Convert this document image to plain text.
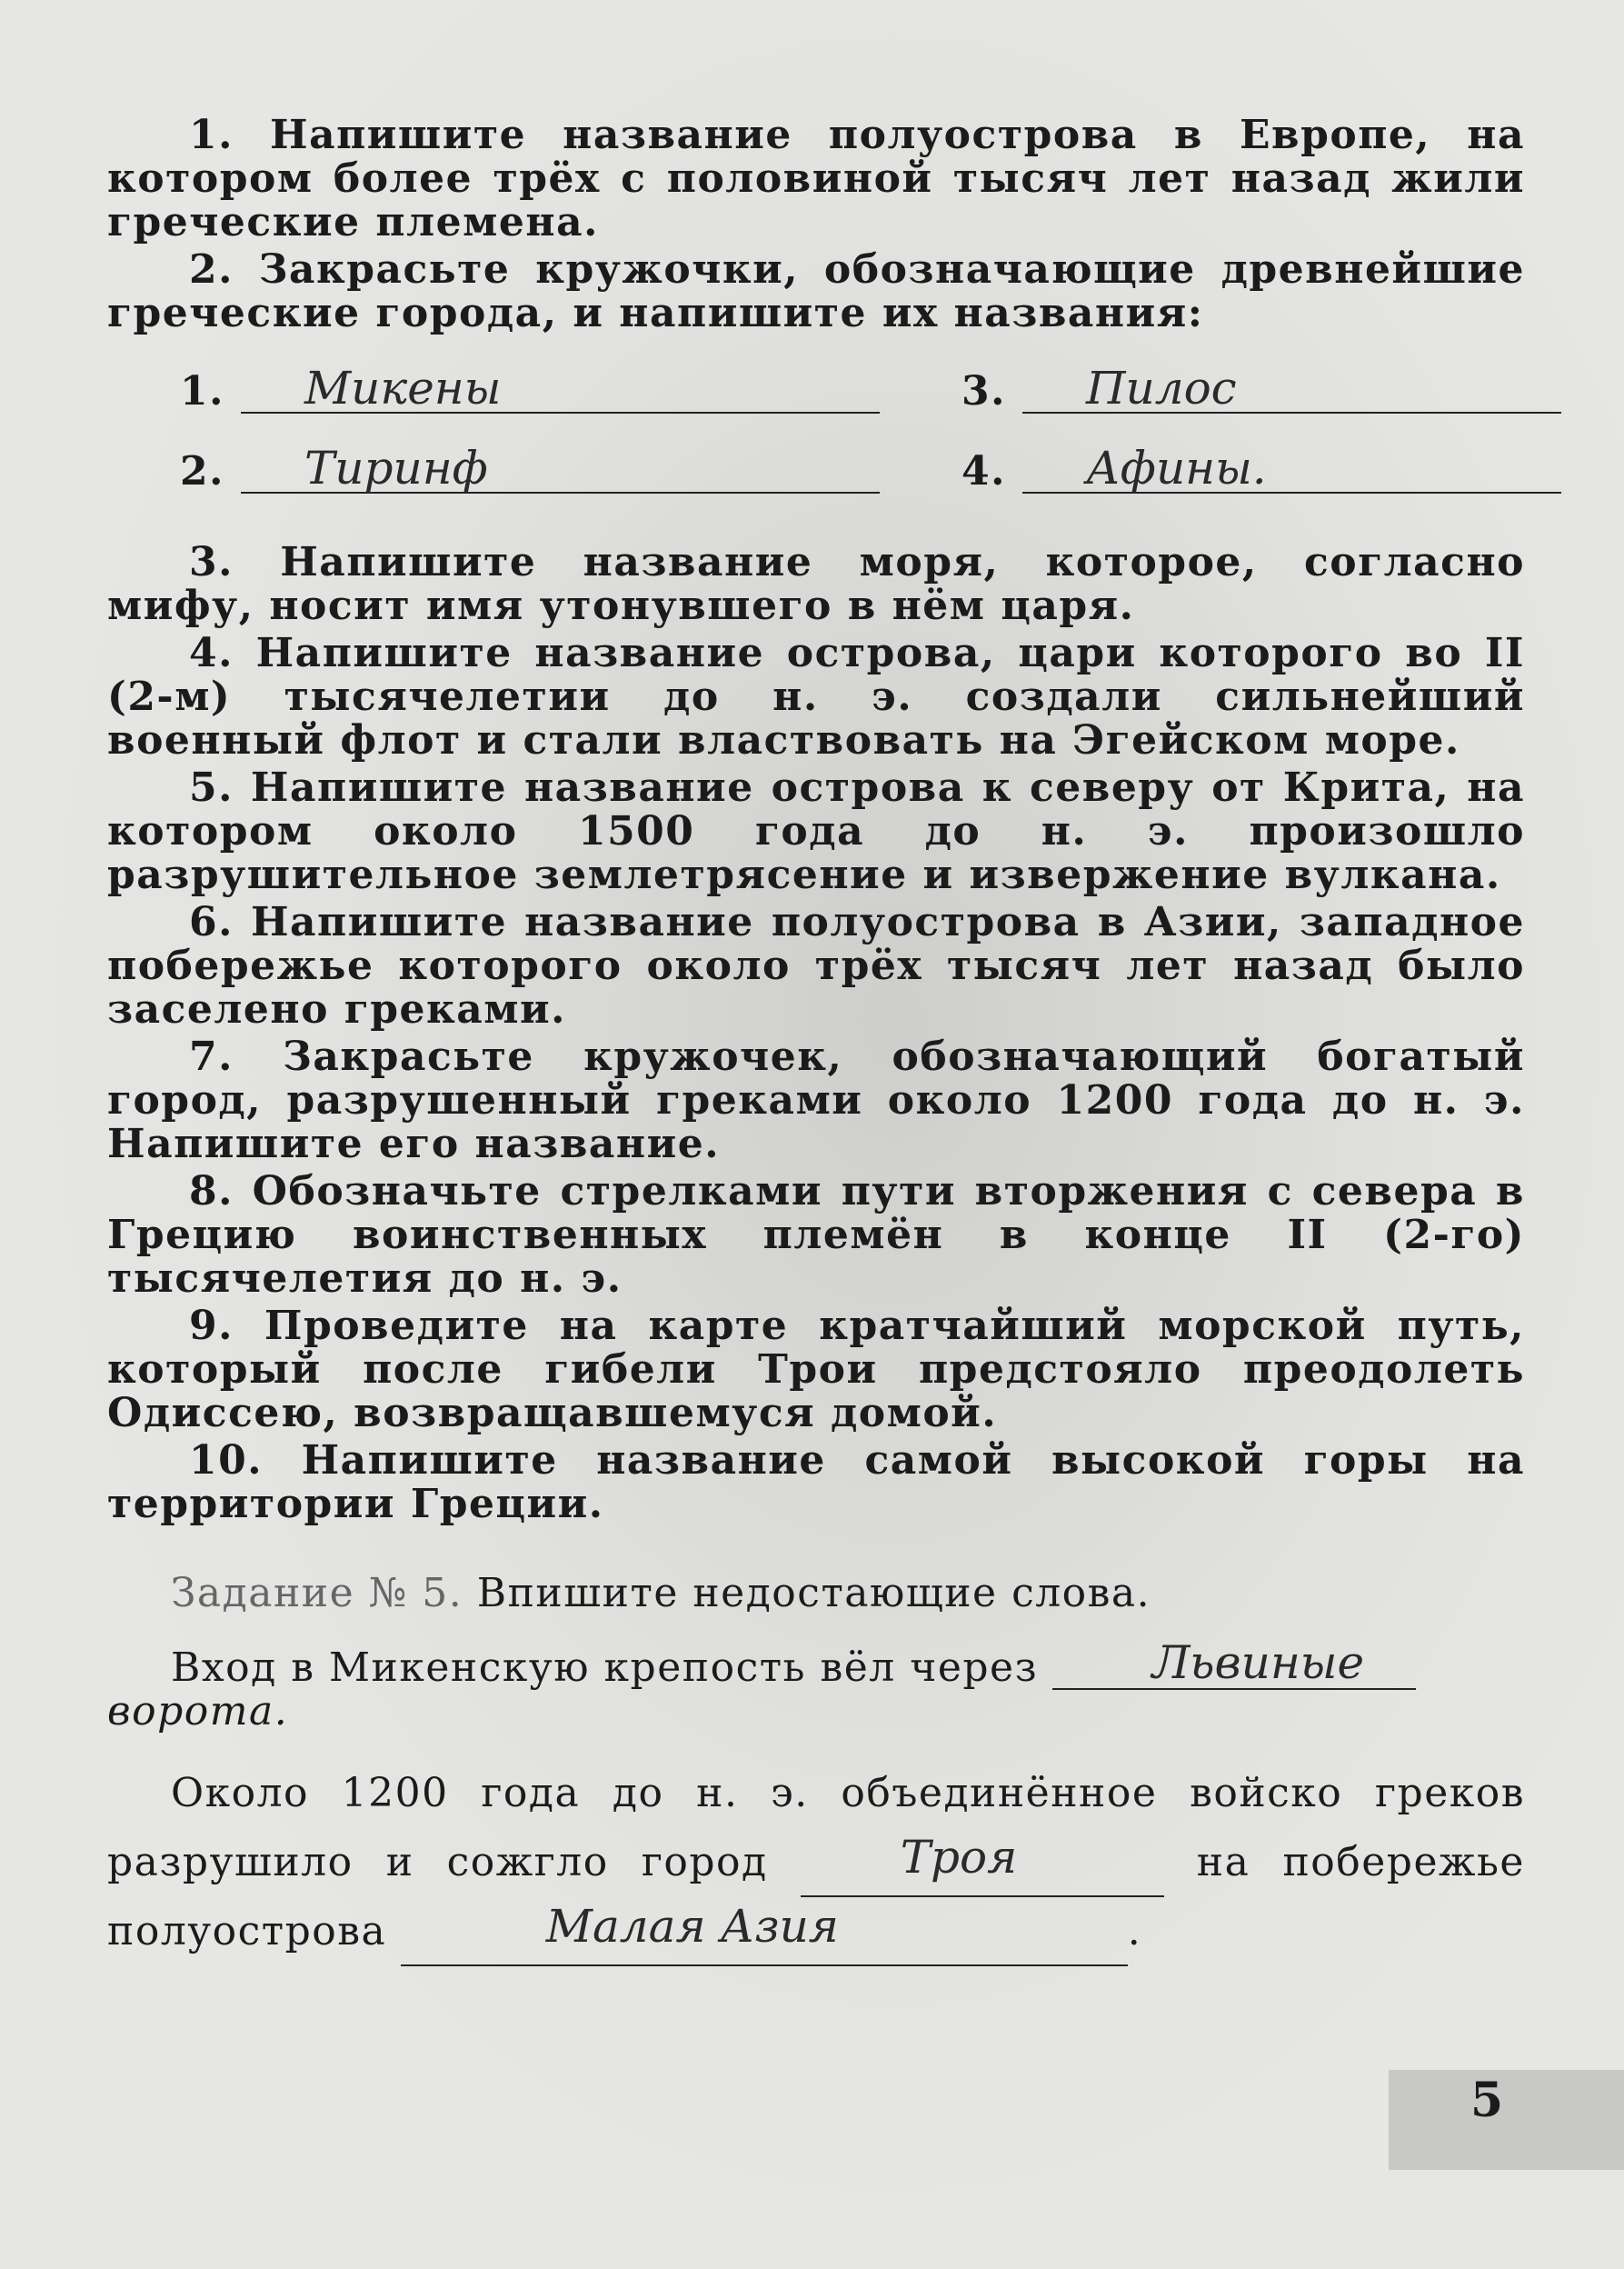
1. Напишите название полуострова в Европе, на котором более трёх с половиной тысяч лет назад жили греческие племена.

2. Закрасьте кружочки, обозначающие древнейшие греческие города, и напишите их названия:

1. Микены	3. Пилос
2. Тиринф	4. Афины.

3. Напишите название моря, которое, согласно мифу, носит имя утонувшего в нём царя.

4. Напишите название острова, цари которого во II (2-м) тысячелетии до н. э. создали сильнейший военный флот и стали властвовать на Эгейском море.

5. Напишите название острова к северу от Крита, на котором около 1500 года до н. э. произошло разрушительное землетрясение и извержение вулкана.

6. Напишите название полуострова в Азии, западное побережье которого около трёх тысяч лет назад было заселено греками.

7. Закрасьте кружочек, обозначающий богатый город, разрушенный греками около 1200 года до н. э. Напишите его название.

8. Обозначьте стрелками пути вторжения с севера в Грецию воинственных племён в конце II (2-го) тысячелетия до н. э.

9. Проведите на карте кратчайший морской путь, который после гибели Трои предстояло преодолеть Одиссею, возвращавшемуся домой.

10. Напишите название самой высокой горы на территории Греции.

Задание № 5. Впишите недостающие слова.

Вход в Микенскую крепость вёл через	Львиные

ворота.

Около 1200 года до н. э. объединённое войско греков разрушило и сожгло город	Троя	на побережье полуострова	Малая Азия	.

5
